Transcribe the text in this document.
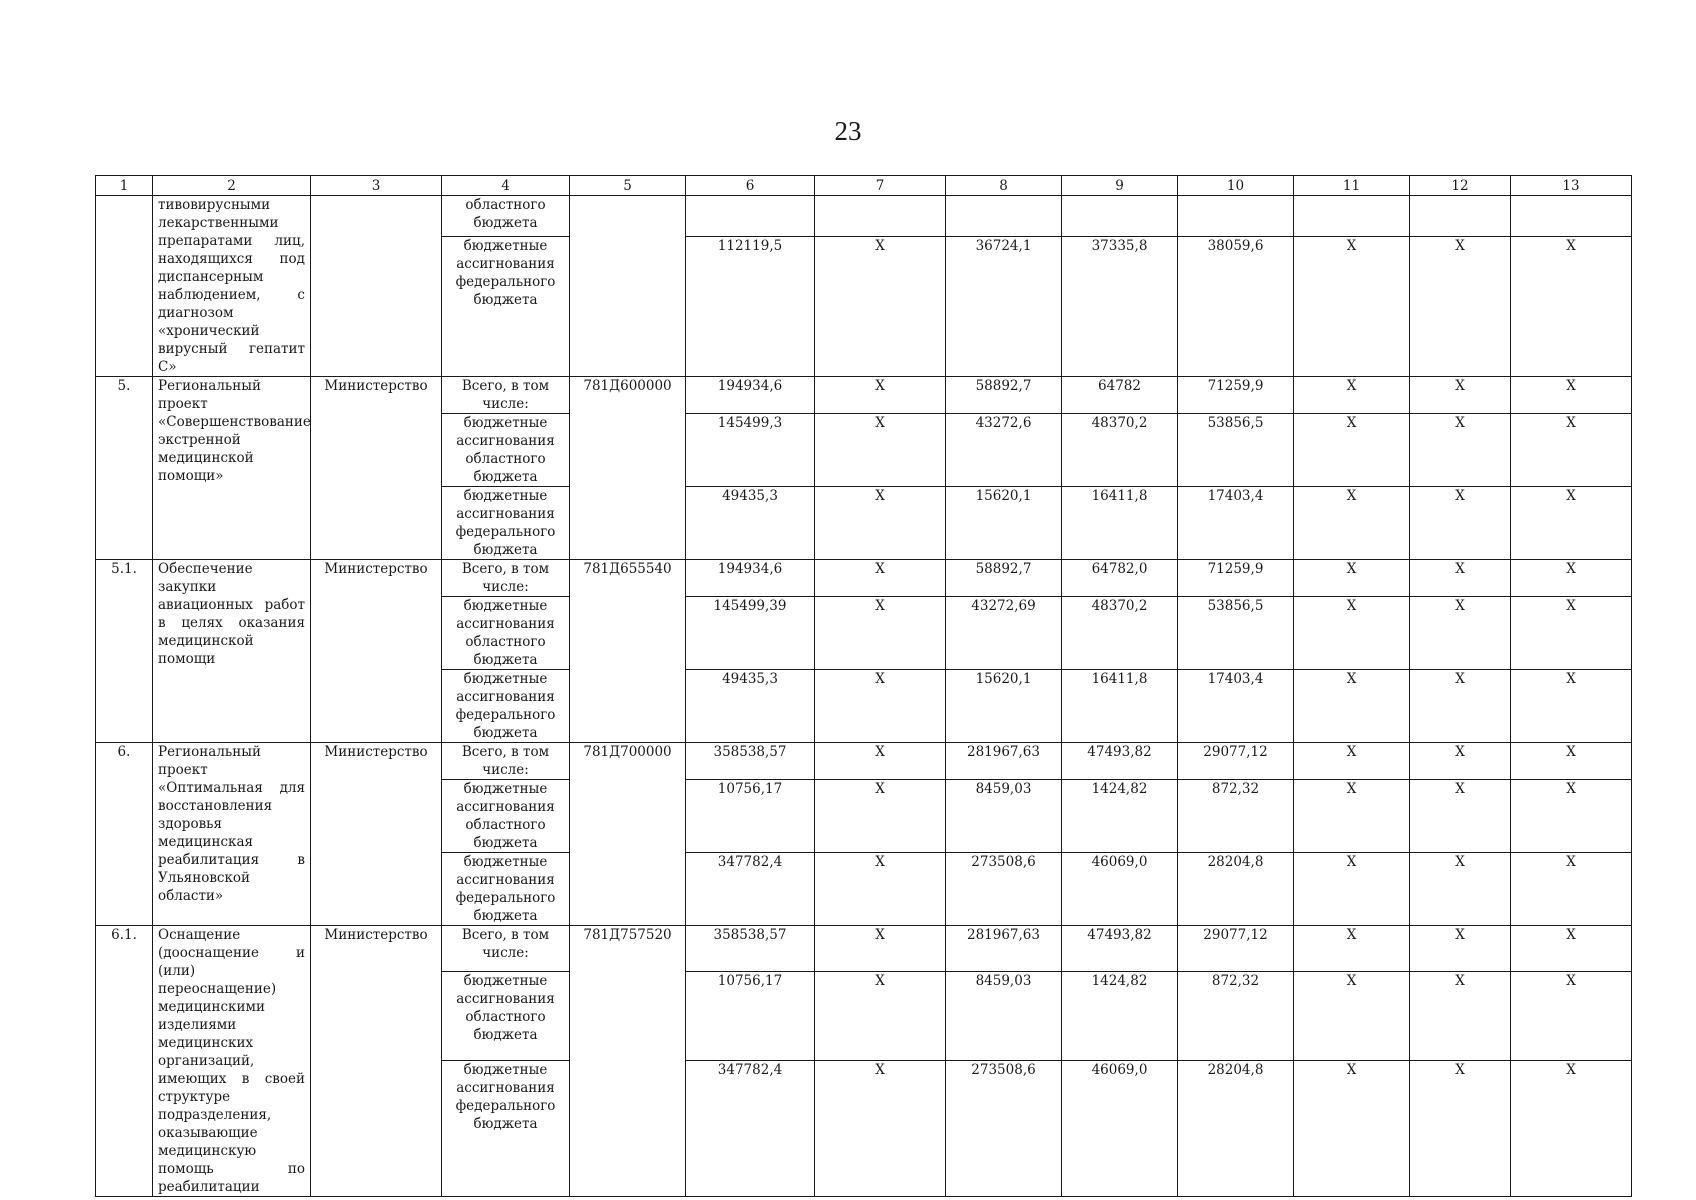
23
1	2	3	4	5	6	7	8	9	10	11	12	13
	тивовирусными лекарственными препаратами лиц, находящихся под диспансерным наблюдением, с диагнозом «хронический вирусный гепатит С»		областного бюджета									
			бюджетные ассигнования федерального бюджета		112119,5	X	36724,1	37335,8	38059,6	X	X	X
5.	Региональный проект «Совершенствование экстренной медицинской помощи»	Министерство	Всего, в том числе:	781Д600000	194934,6	X	58892,7	64782	71259,9	X	X	X
			бюджетные ассигнования областного бюджета		145499,3	X	43272,6	48370,2	53856,5	X	X	X
			бюджетные ассигнования федерального бюджета		49435,3	X	15620,1	16411,8	17403,4	X	X	X
5.1.	Обеспечение закупки авиационных работ в целях оказания медицинской помощи	Министерство	Всего, в том числе:	781Д655540	194934,6	X	58892,7	64782,0	71259,9	X	X	X
			бюджетные ассигнования областного бюджета		145499,39	X	43272,69	48370,2	53856,5	X	X	X
			бюджетные ассигнования федерального бюджета		49435,3	X	15620,1	16411,8	17403,4	X	X	X
6.	Региональный проект «Оптимальная для восстановления здоровья медицинская реабилитация в Ульяновской области»	Министерство	Всего, в том числе:	781Д700000	358538,57	X	281967,63	47493,82	29077,12	X	X	X
			бюджетные ассигнования областного бюджета		10756,17	X	8459,03	1424,82	872,32	X	X	X
			бюджетные ассигнования федерального бюджета		347782,4	X	273508,6	46069,0	28204,8	X	X	X
6.1.	Оснащение (дооснащение и (или) переоснащение) медицинскими изделиями медицинских организаций, имеющих в своей структуре подразделения, оказывающие медицинскую помощь по реабилитации	Министерство	Всего, в том числе:	781Д757520	358538,57	X	281967,63	47493,82	29077,12	X	X	X
			бюджетные ассигнования областного бюджета		10756,17	X	8459,03	1424,82	872,32	X	X	X
			бюджетные ассигнования федерального бюджета		347782,4	X	273508,6	46069,0	28204,8	X	X	X
